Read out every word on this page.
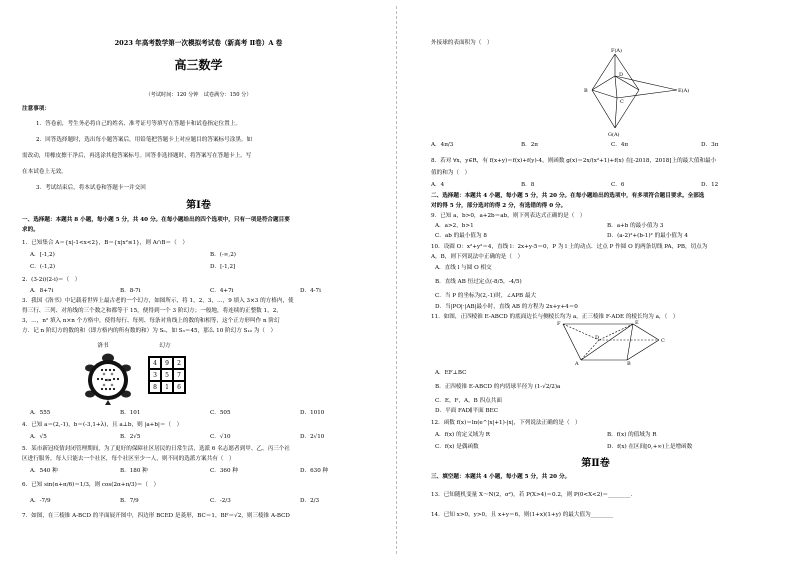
2023 年高考数学第一次模拟考试卷（新高考 Ⅱ卷）A 卷
高三数学
（考试时间：120 分钟　试卷满分：150 分）
注意事项：
1．答卷前，考生务必将自己的姓名、准考证号等填写在答题卡和试卷指定位置上。
2．回答选择题时，选出每小题答案后，用铅笔把答题卡上对应题目的答案标号涂黑。如
需改动，用橡皮擦干净后，再选涂其他答案标号。回答非选择题时，将答案写在答题卡上。写
在本试卷上无效。
3．考试结束后，将本试卷和答题卡一并交回
第Ⅰ卷
一、选择题：本题共 8 小题，每小题 5 分，共 40 分。在每小题给出的四个选项中，只有一项是符合题目要
求的。
1．已知集合 A＝{x|-1<x<2}，B＝{x|x²≤1}，则 A∩B＝（　）
A．[-1,2)	B．(-∞,2)
C．(-1,2)	D．[-1,2]
2．(3-2i)(2-i)＝（　）
A．8+7i	B．8-7i	C．4+7i	D．4-7i
3．我国《洛书》中记载着世界上最古老的一个幻方，如图所示，将 1，2，3，…，9 填入 3×3 的方格内，使
得三行、三列、对角线的三个数之和都等于 15，便得到一个 3 阶幻方；一般地，将连续的正整数 1，2，
3，…，n² 填入 n×n 个方格中，使得每行、每列、每条对角线上的数的和相等，这个正方形叫作 n 阶幻
方．记 n 阶幻方的数的和（即方格内的所有数的和）为 Sₙ，如 S₃＝45，那么 10 阶幻方 S₁₀ 为（　）
洛书	幻方
4	9	2
3	5	7
8	1	6
A．555	B．101	C．505	D．1010
4．已知 a＝(2,-1)，b＝(-3,1+λ)，且 a⊥b，则 |a+b|＝（　）
A．√5	B．2√5	C．√10	D．2√10
5．某市新冠疫情封闭管理期间，为了更好的保障社区居民的日常生活，选派 6 名志愿者到甲、乙、丙三个社
区进行服务，每人只能去一个社区，每个社区至少一人，则不同的选派方案共有（　）
A．540 种	B．180 种	C．360 种	D．630 种
6．已知 sin(α+π/6)＝1/3，则 cos(2α+π/3)＝（　）
A．-7/9	B．7/9	C．-2/3	D．2/3
7．如图，在三棱锥 A-BCD 的平面展开图中，四边形 BCED 是菱形，BC＝1，BF＝√2，则三棱锥 A-BCD
外接球的表面积为（　）
F(A)
D
B	E(A)
C
G(A)
A．4π/3	B．2π	C．4π	D．3π
8．若对 ∀x，y∈R，有 f(x+y)＝f(x)+f(y)-4，则函数 g(x)＝2x/(x²+1)+f(x) 在[-2018，2018]上的最大值和最小
值的和为（　）
A．4	B．8	C．6	D．12
二、选择题：本题共 4 小题，每小题 5 分，共 20 分。在每小题给出的选项中，有多项符合题目要求。全部选
对的得 5 分，部分选对的得 2 分，有选错的得 0 分。
9．已知 a，b>0，a+2b＝ab，则下列表达式正确的是（　）
A．a>2，b>1	B．a+b 的最小值为 3
C．ab 的最小值为 8	D．(a-2)²+(b-1)² 的最小值为 4
10．设圆 O：x²+y²＝4，直线 l：2x+y-5＝0，P 为 l 上的动点．过点 P 作圆 O 的两条切线 PA，PB，切点为
A，B，则下列说法中正确的是（　）
A．直线 l 与圆 O 相交
B．直线 AB 恒过定点(-8/5，-4/5)
C．当 P 的坐标为(2,-1)时，∠APB 最大
D．当|PO|·|AB|最小时，直线 AB 的方程为 2x+y+4＝0
11．如图，正四棱锥 E-ABCD 的底面边长与侧棱长均为 a，正三棱锥 F-ADE 的棱长均为 a，（　）
F	E
D	C
A	B
A．EF⊥BC
B．正四棱锥 E-ABCD 的内切球半径为 (1-√2/2)a
C．E，F，A，B 四点共面
D．平面 FAD∥平面 BEC
12．函数 f(x)＝ln(e^|x|+1)-|x|，下列说法正确的是（　）
A．f(x) 的定义域为 R	B．f(x) 的值域为 R
C．f(x) 是偶函数	D．f(x) 在区间[0,+∞)上是增函数
第Ⅱ卷
三、填空题：本题共 4 小题，每小题 5 分，共 20 分。
13．已知随机变量 X～N(2，σ²)，若 P(X>4)＝0.2，则 P(0<X<2)＝________．
14．已知 x>0，y>0，且 x+y＝6，则(1+x)(1+y) 的最大值为________
